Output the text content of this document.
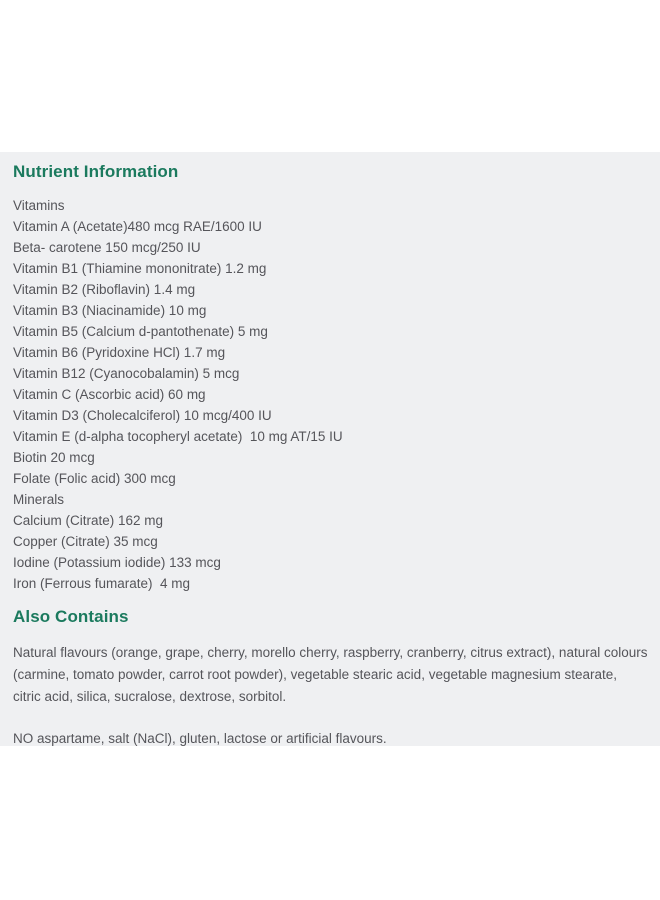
Nutrient Information
Vitamins
Vitamin A (Acetate)480 mcg RAE/1600 IU
Beta- carotene 150 mcg/250 IU
Vitamin B1 (Thiamine mononitrate) 1.2 mg
Vitamin B2 (Riboflavin) 1.4 mg
Vitamin B3 (Niacinamide) 10 mg
Vitamin B5 (Calcium d-pantothenate) 5 mg
Vitamin B6 (Pyridoxine HCl) 1.7 mg
Vitamin B12 (Cyanocobalamin) 5 mcg
Vitamin C (Ascorbic acid) 60 mg
Vitamin D3 (Cholecalciferol) 10 mcg/400 IU
Vitamin E (d-alpha tocopheryl acetate)  10 mg AT/15 IU
Biotin 20 mcg
Folate (Folic acid) 300 mcg
Minerals
Calcium (Citrate) 162 mg
Copper (Citrate) 35 mcg
Iodine (Potassium iodide) 133 mcg
Iron (Ferrous fumarate)  4 mg
Also Contains

Natural flavours (orange, grape, cherry, morello cherry, raspberry, cranberry, citrus extract), natural colours (carmine, tomato powder, carrot root powder), vegetable stearic acid, vegetable magnesium stearate, citric acid, silica, sucralose, dextrose, sorbitol.

NO aspartame, salt (NaCl), gluten, lactose or artificial flavours.
